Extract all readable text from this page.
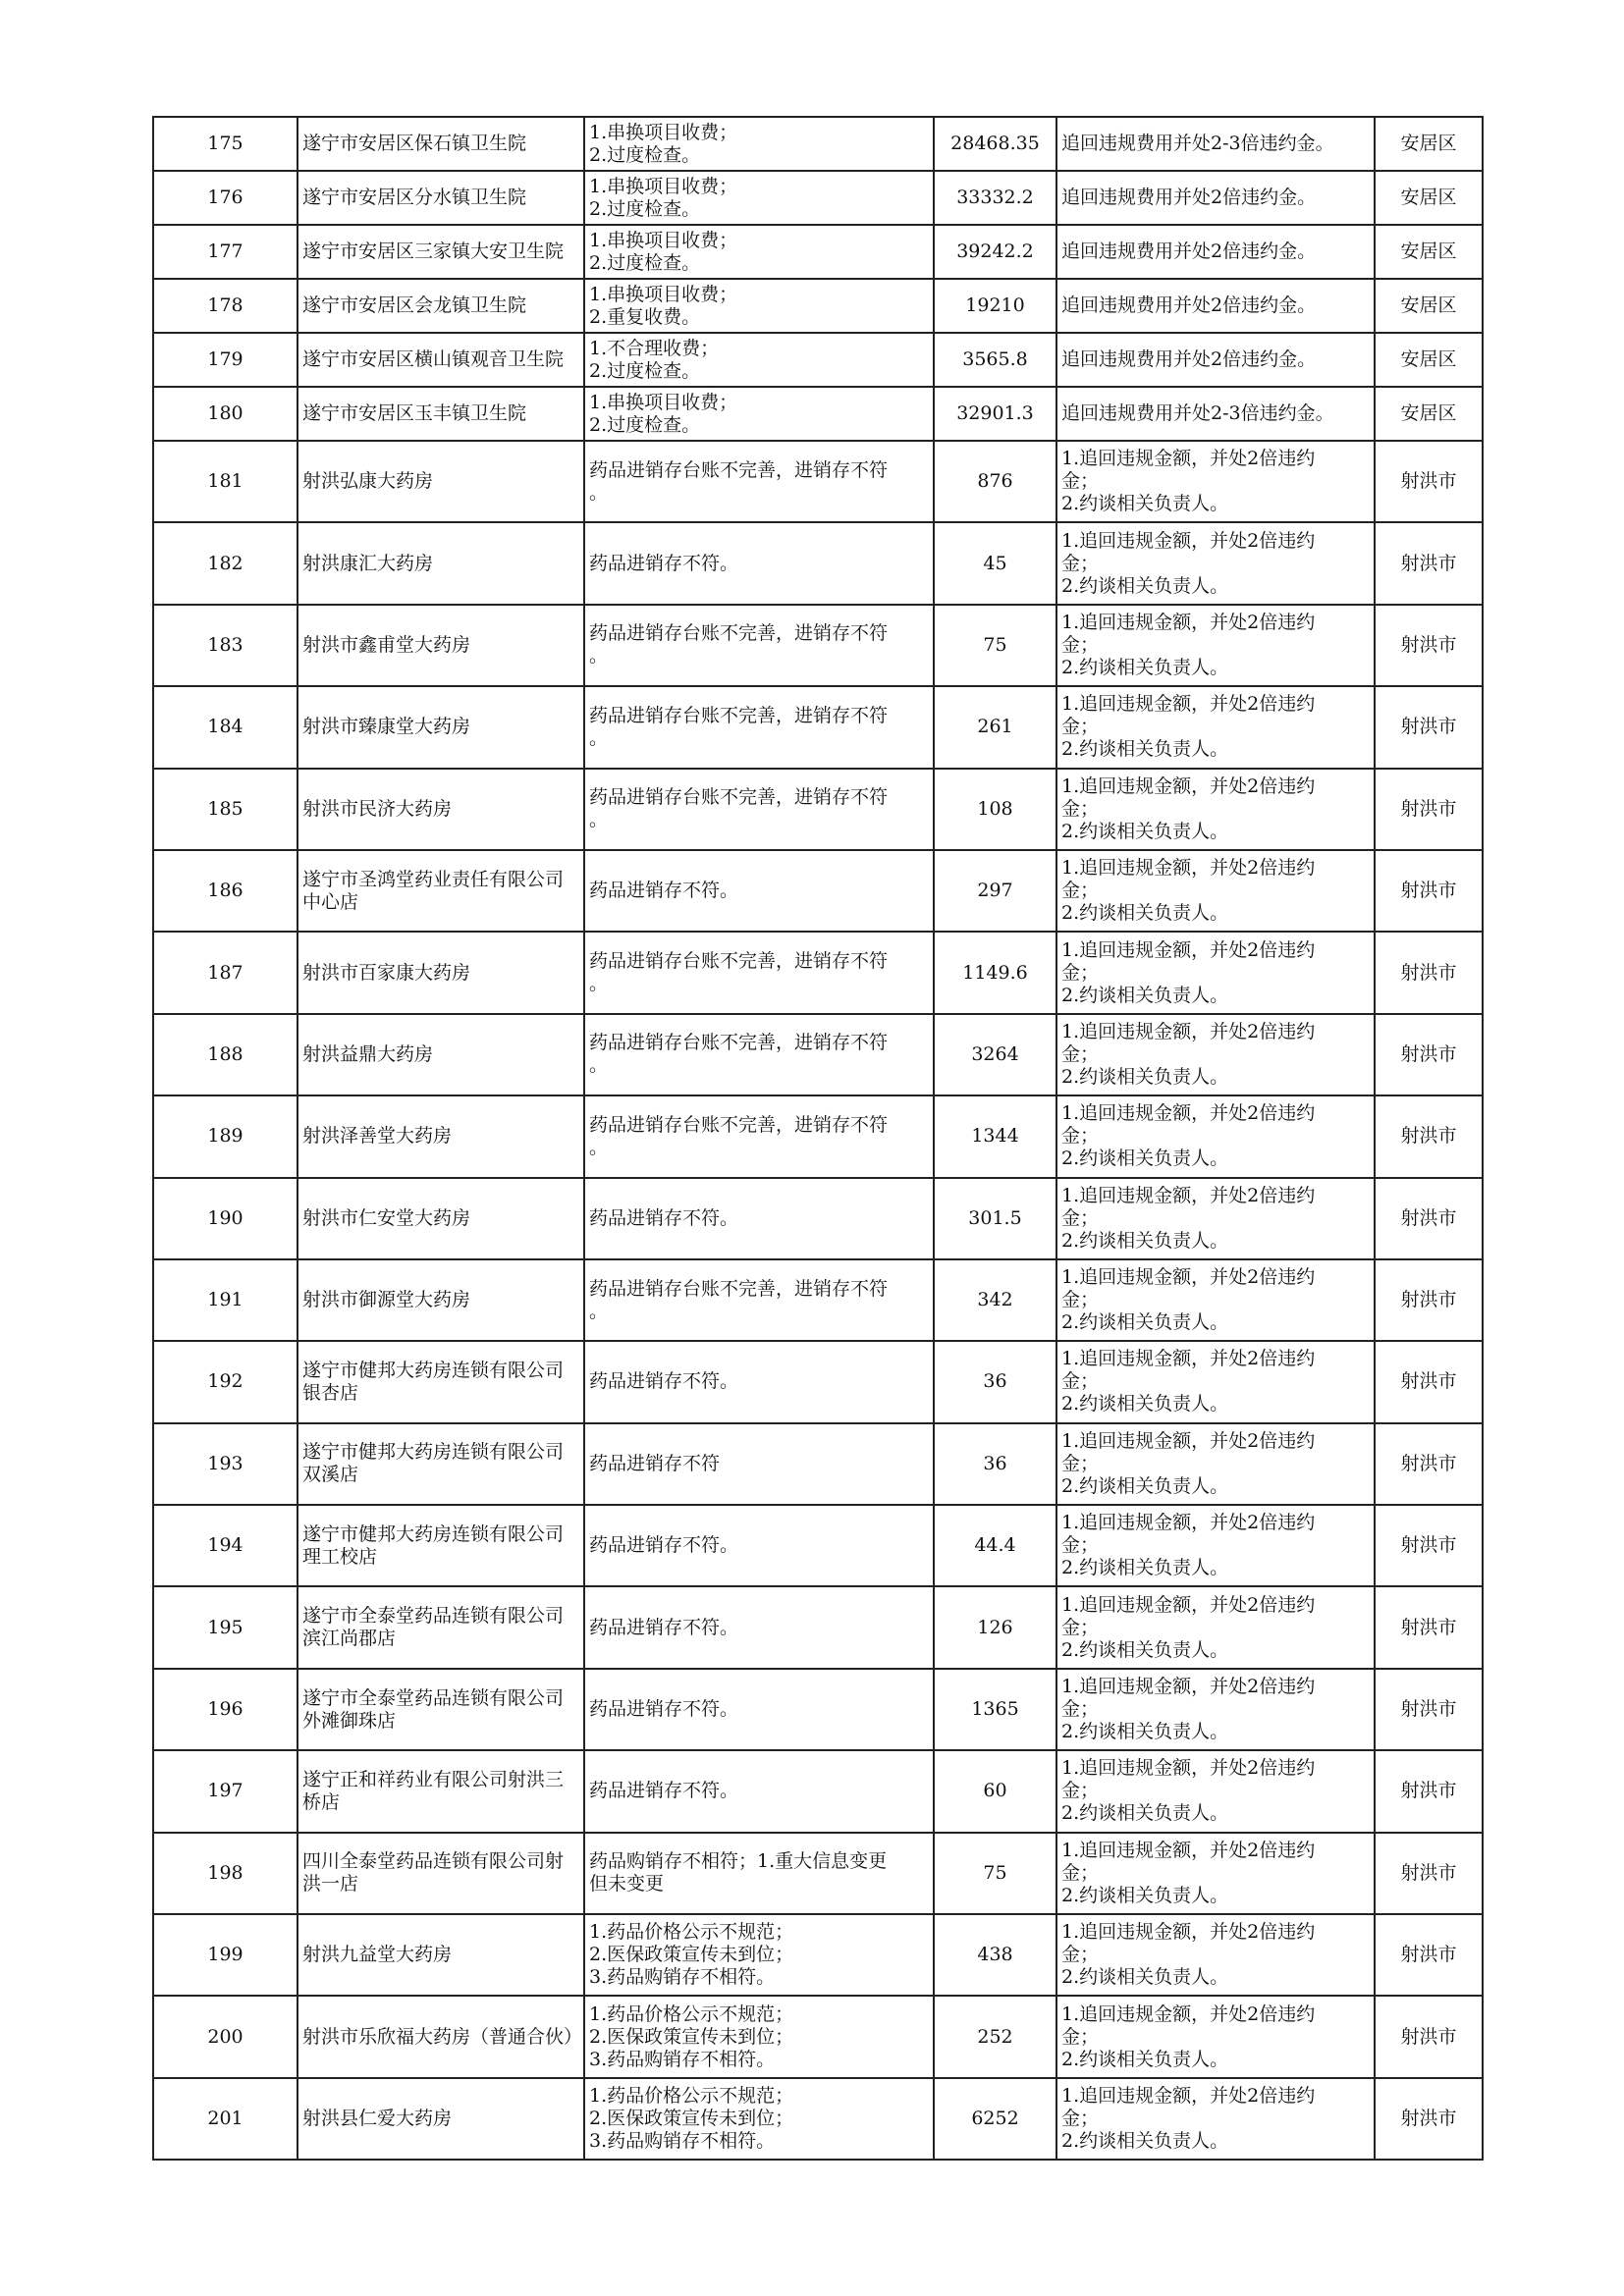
175	遂宁市安居区保石镇卫生院	1.串换项目收费；
2.过度检查。	28468.35	追回违规费用并处2-3倍违约金。	安居区
176	遂宁市安居区分水镇卫生院	1.串换项目收费；
2.过度检查。	33332.2	追回违规费用并处2倍违约金。	安居区
177	遂宁市安居区三家镇大安卫生院	1.串换项目收费；
2.过度检查。	39242.2	追回违规费用并处2倍违约金。	安居区
178	遂宁市安居区会龙镇卫生院	1.串换项目收费；
2.重复收费。	19210	追回违规费用并处2倍违约金。	安居区
179	遂宁市安居区横山镇观音卫生院	1.不合理收费；
2.过度检查。	3565.8	追回违规费用并处2倍违约金。	安居区
180	遂宁市安居区玉丰镇卫生院	1.串换项目收费；
2.过度检查。	32901.3	追回违规费用并处2-3倍违约金。	安居区
181	射洪弘康大药房	药品进销存台账不完善，进销存不符
。	876	1.追回违规金额，并处2倍违约
金；
2.约谈相关负责人。	射洪市
182	射洪康汇大药房	药品进销存不符。	45	1.追回违规金额，并处2倍违约
金；
2.约谈相关负责人。	射洪市
183	射洪市鑫甫堂大药房	药品进销存台账不完善，进销存不符
。	75	1.追回违规金额，并处2倍违约
金；
2.约谈相关负责人。	射洪市
184	射洪市臻康堂大药房	药品进销存台账不完善，进销存不符
。	261	1.追回违规金额，并处2倍违约
金；
2.约谈相关负责人。	射洪市
185	射洪市民济大药房	药品进销存台账不完善，进销存不符
。	108	1.追回违规金额，并处2倍违约
金；
2.约谈相关负责人。	射洪市
186	遂宁市圣鸿堂药业责任有限公司中心店	药品进销存不符。	297	1.追回违规金额，并处2倍违约
金；
2.约谈相关负责人。	射洪市
187	射洪市百家康大药房	药品进销存台账不完善，进销存不符
。	1149.6	1.追回违规金额，并处2倍违约
金；
2.约谈相关负责人。	射洪市
188	射洪益鼎大药房	药品进销存台账不完善，进销存不符
。	3264	1.追回违规金额，并处2倍违约
金；
2.约谈相关负责人。	射洪市
189	射洪泽善堂大药房	药品进销存台账不完善，进销存不符
。	1344	1.追回违规金额，并处2倍违约
金；
2.约谈相关负责人。	射洪市
190	射洪市仁安堂大药房	药品进销存不符。	301.5	1.追回违规金额，并处2倍违约
金；
2.约谈相关负责人。	射洪市
191	射洪市御源堂大药房	药品进销存台账不完善，进销存不符
。	342	1.追回违规金额，并处2倍违约
金；
2.约谈相关负责人。	射洪市
192	遂宁市健邦大药房连锁有限公司银杏店	药品进销存不符。	36	1.追回违规金额，并处2倍违约
金；
2.约谈相关负责人。	射洪市
193	遂宁市健邦大药房连锁有限公司双溪店	药品进销存不符	36	1.追回违规金额，并处2倍违约
金；
2.约谈相关负责人。	射洪市
194	遂宁市健邦大药房连锁有限公司理工校店	药品进销存不符。	44.4	1.追回违规金额，并处2倍违约
金；
2.约谈相关负责人。	射洪市
195	遂宁市全泰堂药品连锁有限公司滨江尚郡店	药品进销存不符。	126	1.追回违规金额，并处2倍违约
金；
2.约谈相关负责人。	射洪市
196	遂宁市全泰堂药品连锁有限公司外滩御珠店	药品进销存不符。	1365	1.追回违规金额，并处2倍违约
金；
2.约谈相关负责人。	射洪市
197	遂宁正和祥药业有限公司射洪三桥店	药品进销存不符。	60	1.追回违规金额，并处2倍违约
金；
2.约谈相关负责人。	射洪市
198	四川全泰堂药品连锁有限公司射洪一店	药品购销存不相符；1.重大信息变更
但未变更	75	1.追回违规金额，并处2倍违约
金；
2.约谈相关负责人。	射洪市
199	射洪九益堂大药房	1.药品价格公示不规范；
2.医保政策宣传未到位；
3.药品购销存不相符。	438	1.追回违规金额，并处2倍违约
金；
2.约谈相关负责人。	射洪市
200	射洪市乐欣福大药房（普通合伙）	1.药品价格公示不规范；
2.医保政策宣传未到位；
3.药品购销存不相符。	252	1.追回违规金额，并处2倍违约
金；
2.约谈相关负责人。	射洪市
201	射洪县仁爱大药房	1.药品价格公示不规范；
2.医保政策宣传未到位；
3.药品购销存不相符。	6252	1.追回违规金额，并处2倍违约
金；
2.约谈相关负责人。	射洪市
